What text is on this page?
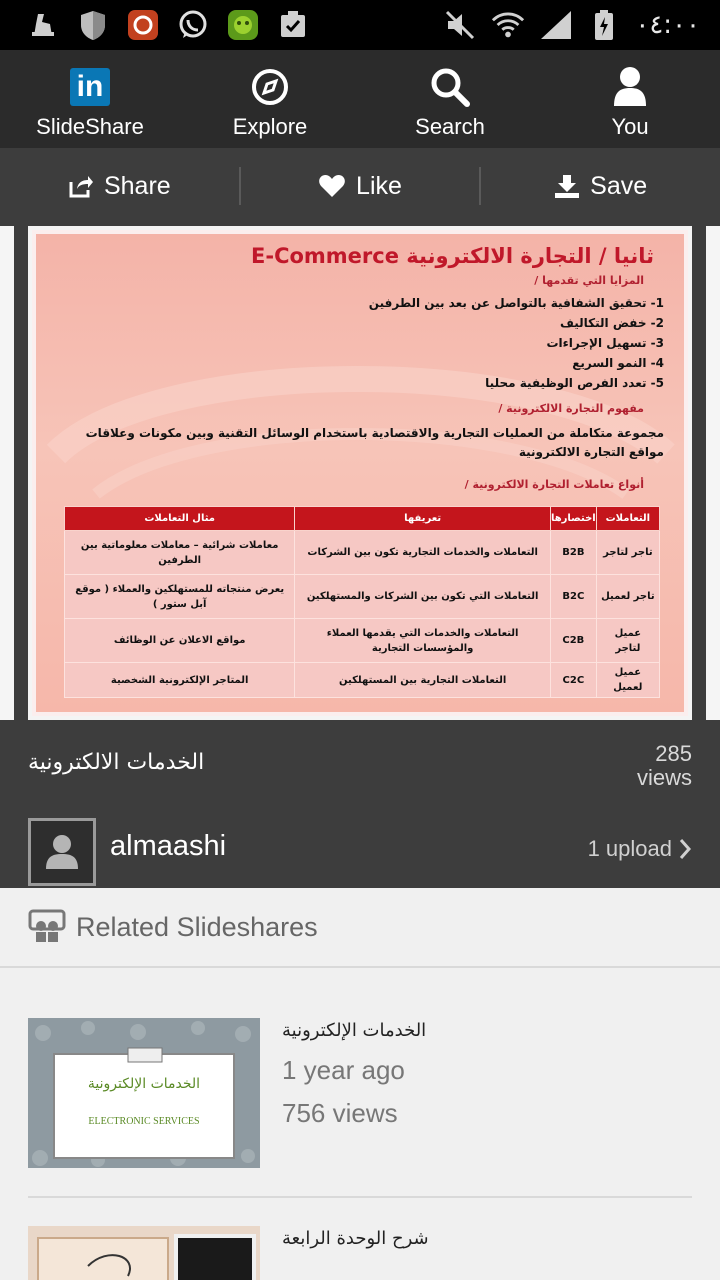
٠٤:٠٠
in
SlideShare	Explore	Search	You
Share	Like	Save
ثانيا / التجارة الالكترونية E-Commerce
المزايا التي تقدمها /
1- تحقيق الشفافية بالتواصل عن بعد بين الطرفين
2- خفض التكاليف
3- تسهيل الإجراءات
4- النمو السريع
5- تعدد الفرص الوظيفية محليا
مفهوم التجارة الالكترونية /
مجموعة متكاملة من العمليات التجارية والاقتصادية باستخدام الوسائل التقنية وبين مكونات وعلاقات مواقع التجارة الالكترونية
أنواع تعاملات التجارة الالكترونية /
التعاملات	اختصارها	تعريفها	مثال التعاملات
تاجر لتاجر	B2B	التعاملات والخدمات التجارية تكون بين الشركات	معاملات شرائية – معاملات معلوماتية بين الطرفين
تاجر لعميل	B2C	التعاملات التي تكون بين الشركات والمستهلكين	يعرض منتجاته للمستهلكين والعملاء ( موقع آبل ستور )
عميل لتاجر	C2B	التعاملات والخدمات التي يقدمها العملاء والمؤسسات التجارية	مواقع الاعلان عن الوظائف
عميل لعميل	C2C	التعاملات التجارية بين المستهلكين	المتاجر الإلكترونية الشخصية
الخدمات الالكترونية	285
views
almaashi	1 upload
Related Slideshares
الخدمات الإلكترونية
ELECTRONIC SERVICES
الخدمات الإلكترونية
1 year ago
756 views
شرح الوحدة الرابعة
